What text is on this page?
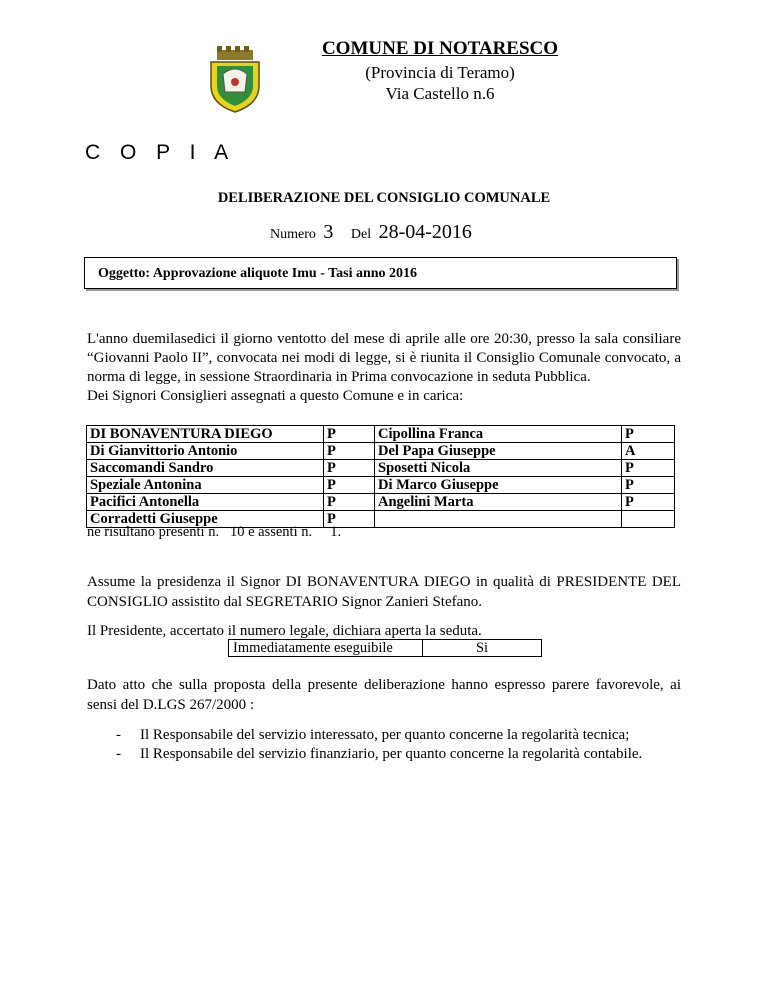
COMUNE DI NOTARESCO
(Provincia di Teramo)
Via Castello n.6
C O P I A
DELIBERAZIONE DEL CONSIGLIO COMUNALE
Numero 3 Del 28-04-2016
Oggetto: Approvazione aliquote Imu - Tasi anno 2016

L'anno duemilasedici il giorno ventotto del mese di aprile alle ore 20:30, presso la sala consiliare “Giovanni Paolo II”, convocata nei modi di legge, si è riunita il Consiglio Comunale convocato, a norma di legge, in sessione Straordinaria in Prima convocazione in seduta Pubblica.

Dei Signori Consiglieri assegnati a questo Comune e in carica:

DI BONAVENTURA DIEGO	P	Cipollina Franca	P
Di Gianvittorio Antonio	P	Del Papa Giuseppe	A
Saccomandi Sandro	P	Sposetti Nicola	P
Speziale Antonina	P	Di Marco Giuseppe	P
Pacifici Antonella	P	Angelini Marta	P
Corradetti Giuseppe	P		
ne risultano presenti n.   10 e assenti n.     1.
Assume la presidenza il Signor DI BONAVENTURA DIEGO in qualità di PRESIDENTE DEL CONSIGLIO assistito dal SEGRETARIO Signor Zanieri Stefano.
Il Presidente, accertato il numero legale, dichiara aperta la seduta.
Immediatamente eseguibile	Si
Dato atto che sulla proposta della presente deliberazione hanno espresso parere favorevole, ai sensi del D.LGS 267/2000 :
- Il Responsabile del servizio interessato, per quanto concerne la regolarità tecnica;
- Il Responsabile del servizio finanziario, per quanto concerne la regolarità contabile.
